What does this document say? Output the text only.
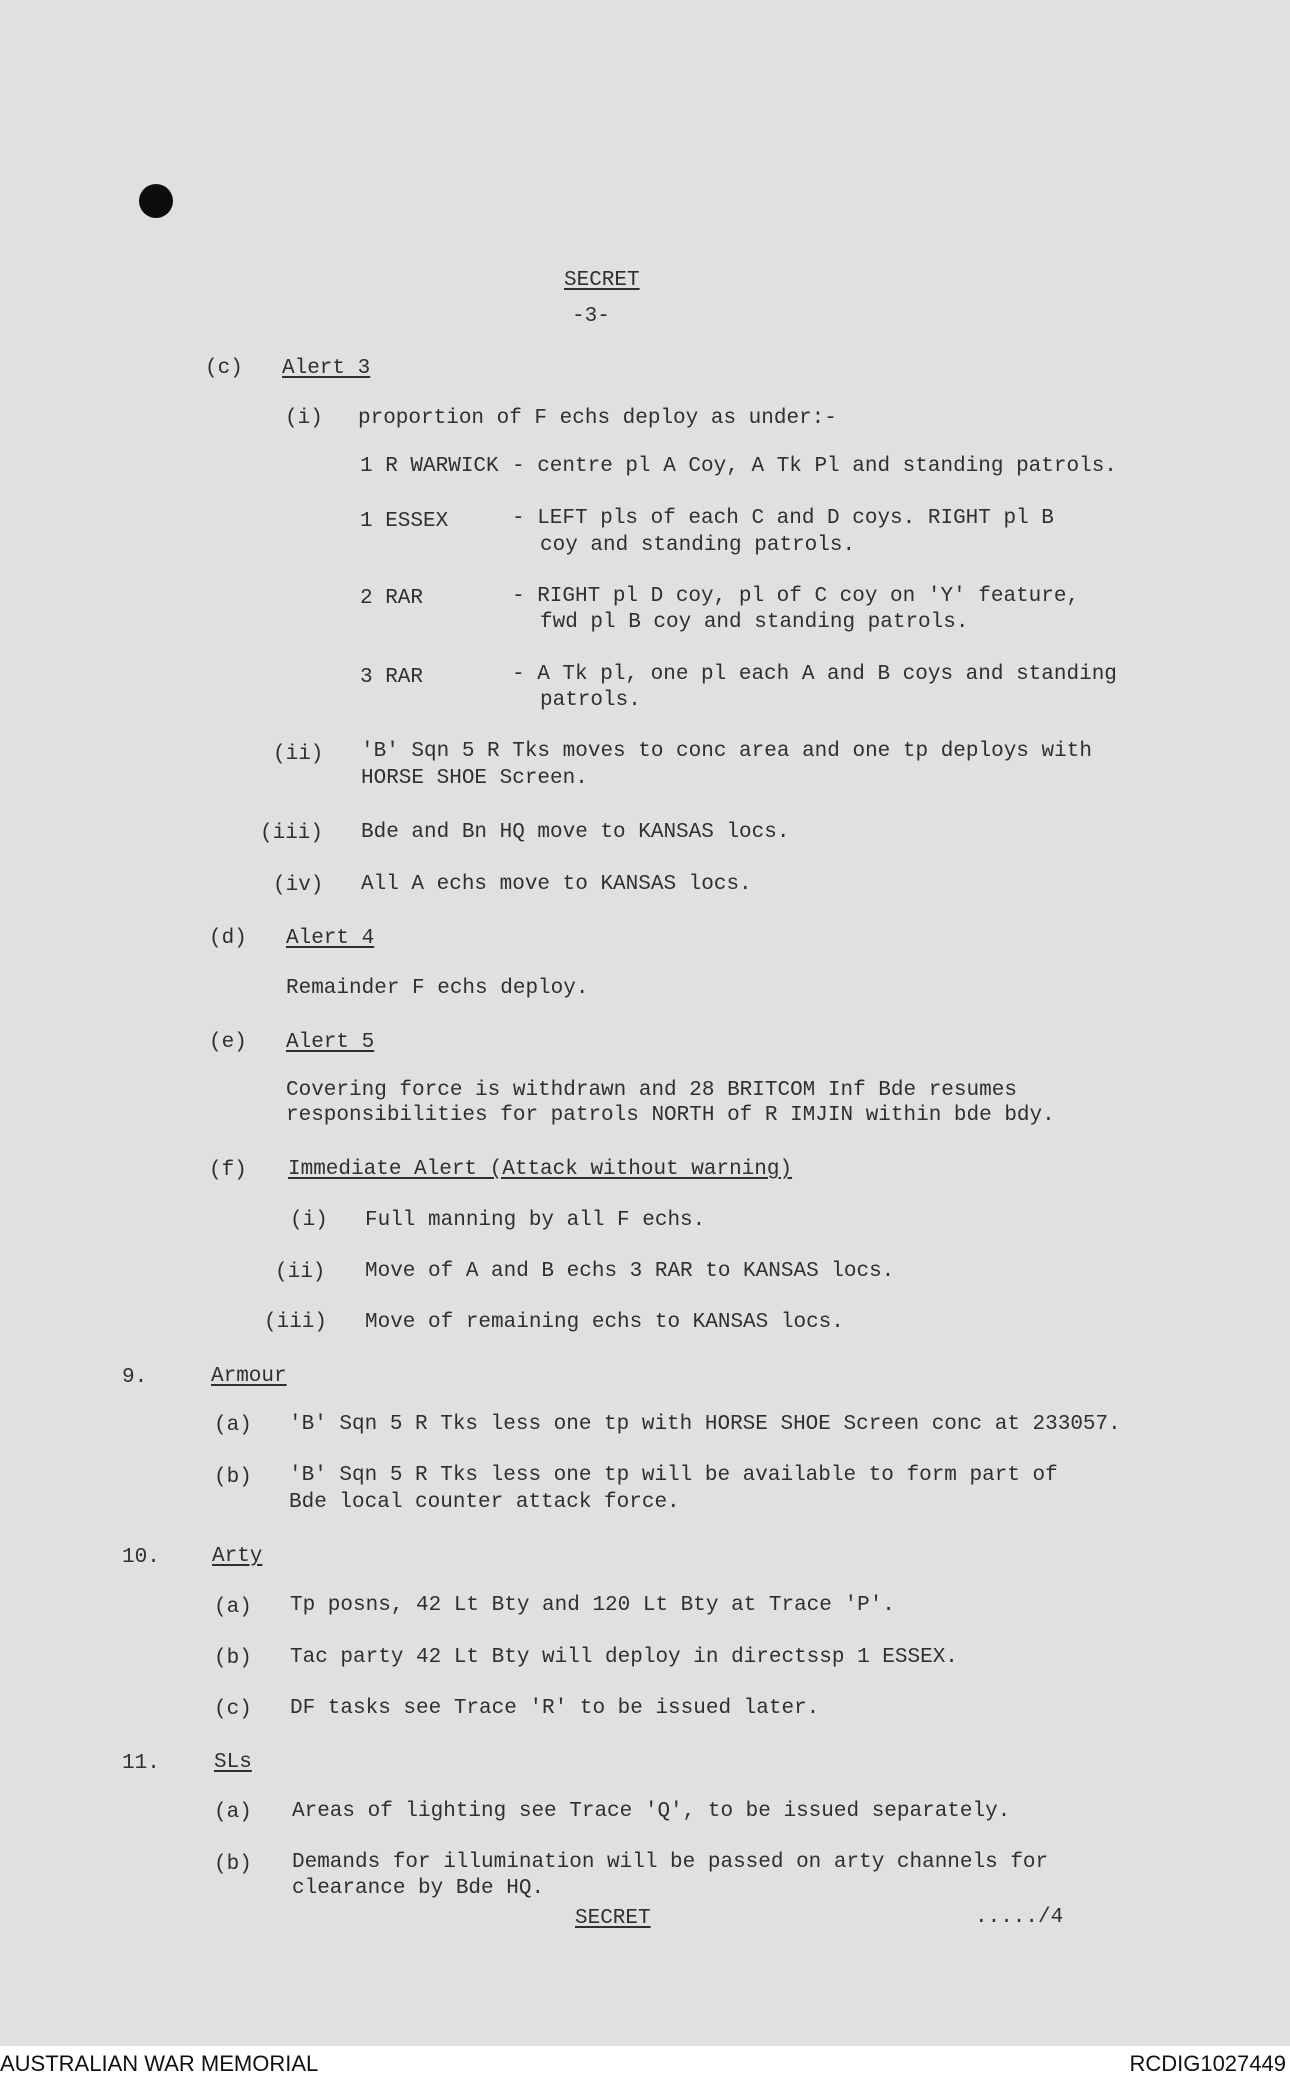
SECRET
-3-
(c) Alert 3
(i) proportion of F echs deploy as under:-
1 R WARWICK - centre pl A Coy, A Tk Pl and standing patrols.
1 ESSEX	- LEFT pls of each C and D coys. RIGHT pl B
coy and standing patrols.
2 RAR	- RIGHT pl D coy, pl of C coy on 'Y' feature,
fwd pl B coy and standing patrols.
3 RAR	- A Tk pl, one pl each A and B coys and standing
patrols.
(ii) 'B' Sqn 5 R Tks moves to conc area and one tp deploys with
HORSE SHOE Screen.
(iii) Bde and Bn HQ move to KANSAS locs.
(iv) All A echs move to KANSAS locs.
(d) Alert 4
Remainder F echs deploy.
(e) Alert 5
Covering force is withdrawn and 28 BRITCOM Inf Bde resumes
responsibilities for patrols NORTH of R IMJIN within bde bdy.
(f) Immediate Alert (Attack without warning)
(i) Full manning by all F echs.
(ii) Move of A and B echs 3 RAR to KANSAS locs.
(iii) Move of remaining echs to KANSAS locs.
9.	Armour
(a) 'B' Sqn 5 R Tks less one tp with HORSE SHOE Screen conc at 233057.
(b) 'B' Sqn 5 R Tks less one tp will be available to form part of
Bde local counter attack force.
10. Arty
(a) Tp posns, 42 Lt Bty and 120 Lt Bty at Trace 'P'.
(b) Tac party 42 Lt Bty will deploy in directssp 1 ESSEX.
(c) DF tasks see Trace 'R' to be issued later.
11.	SLs
(a) Areas of lighting see Trace 'Q', to be issued separately.
(b) Demands for illumination will be passed on arty channels for
clearance by Bde HQ.
SECRET	...../4
AUSTRALIAN WAR MEMORIAL	RCDIG1027449
